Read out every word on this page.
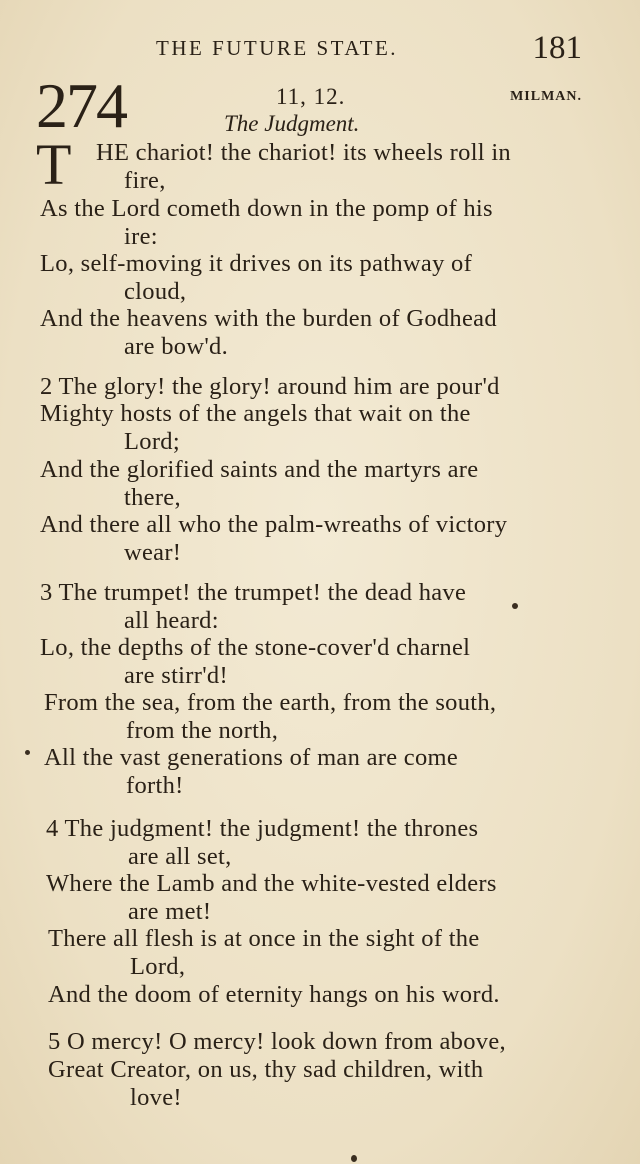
THE FUTURE STATE.	181
274	11, 12.	MILMAN.
The Judgment.
T HE chariot! the chariot! its wheels roll in
fire,
As the Lord cometh down in the pomp of his
ire:
Lo, self-moving it drives on its pathway of
cloud,
And the heavens with the burden of Godhead
are bow'd.
2 The glory! the glory! around him are pour'd
Mighty hosts of the angels that wait on the
Lord;
And the glorified saints and the martyrs are
there,
And there all who the palm-wreaths of victory
wear!
3 The trumpet! the trumpet! the dead have
all heard:
Lo, the depths of the stone-cover'd charnel
are stirr'd!
From the sea, from the earth, from the south,
from the north,
All the vast generations of man are come
forth!
4 The judgment! the judgment! the thrones
are all set,
Where the Lamb and the white-vested elders
are met!
There all flesh is at once in the sight of the
Lord,
And the doom of eternity hangs on his word.
5 O mercy! O mercy! look down from above,
Great Creator, on us, thy sad children, with
love!
